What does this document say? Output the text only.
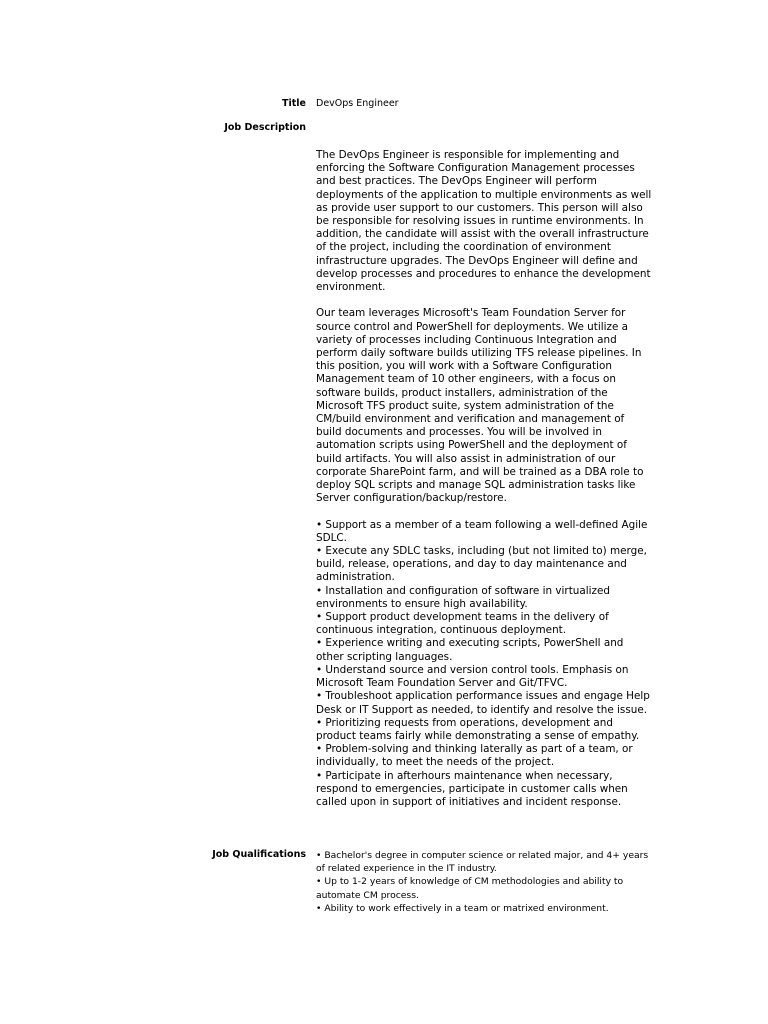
Title DevOps Engineer
Job Description

The DevOps Engineer is responsible for implementing and enforcing the Software Configuration Management processes and best practices. The DevOps Engineer will perform deployments of the application to multiple environments as well as provide user support to our customers. This person will also be responsible for resolving issues in runtime environments. In addition, the candidate will assist with the overall infrastructure of the project, including the coordination of environment infrastructure upgrades. The DevOps Engineer will define and develop processes and procedures to enhance the development environment.

Our team leverages Microsoft's Team Foundation Server for source control and PowerShell for deployments. We utilize a variety of processes including Continuous Integration and perform daily software builds utilizing TFS release pipelines. In this position, you will work with a Software Configuration Management team of 10 other engineers, with a focus on software builds, product installers, administration of the Microsoft TFS product suite, system administration of the CM/build environment and verification and management of build documents and processes. You will be involved in automation scripts using PowerShell and the deployment of build artifacts. You will also assist in administration of our corporate SharePoint farm, and will be trained as a DBA role to deploy SQL scripts and manage SQL administration tasks like Server configuration/backup/restore.

• Support as a member of a team following a well-defined Agile SDLC.
• Execute any SDLC tasks, including (but not limited to) merge, build, release, operations, and day to day maintenance and administration.
• Installation and configuration of software in virtualized environments to ensure high availability.
• Support product development teams in the delivery of continuous integration, continuous deployment.
• Experience writing and executing scripts, PowerShell and other scripting languages.
• Understand source and version control tools. Emphasis on Microsoft Team Foundation Server and Git/TFVC.
• Troubleshoot application performance issues and engage Help Desk or IT Support as needed, to identify and resolve the issue.
• Prioritizing requests from operations, development and product teams fairly while demonstrating a sense of empathy.
• Problem-solving and thinking laterally as part of a team, or individually, to meet the needs of the project.
• Participate in afterhours maintenance when necessary, respond to emergencies, participate in customer calls when called upon in support of initiatives and incident response.
Job Qualifications • Bachelor's degree in computer science or related major, and 4+ years of related experience in the IT industry.
• Up to 1-2 years of knowledge of CM methodologies and ability to automate CM process.
• Ability to work effectively in a team or matrixed environment.
